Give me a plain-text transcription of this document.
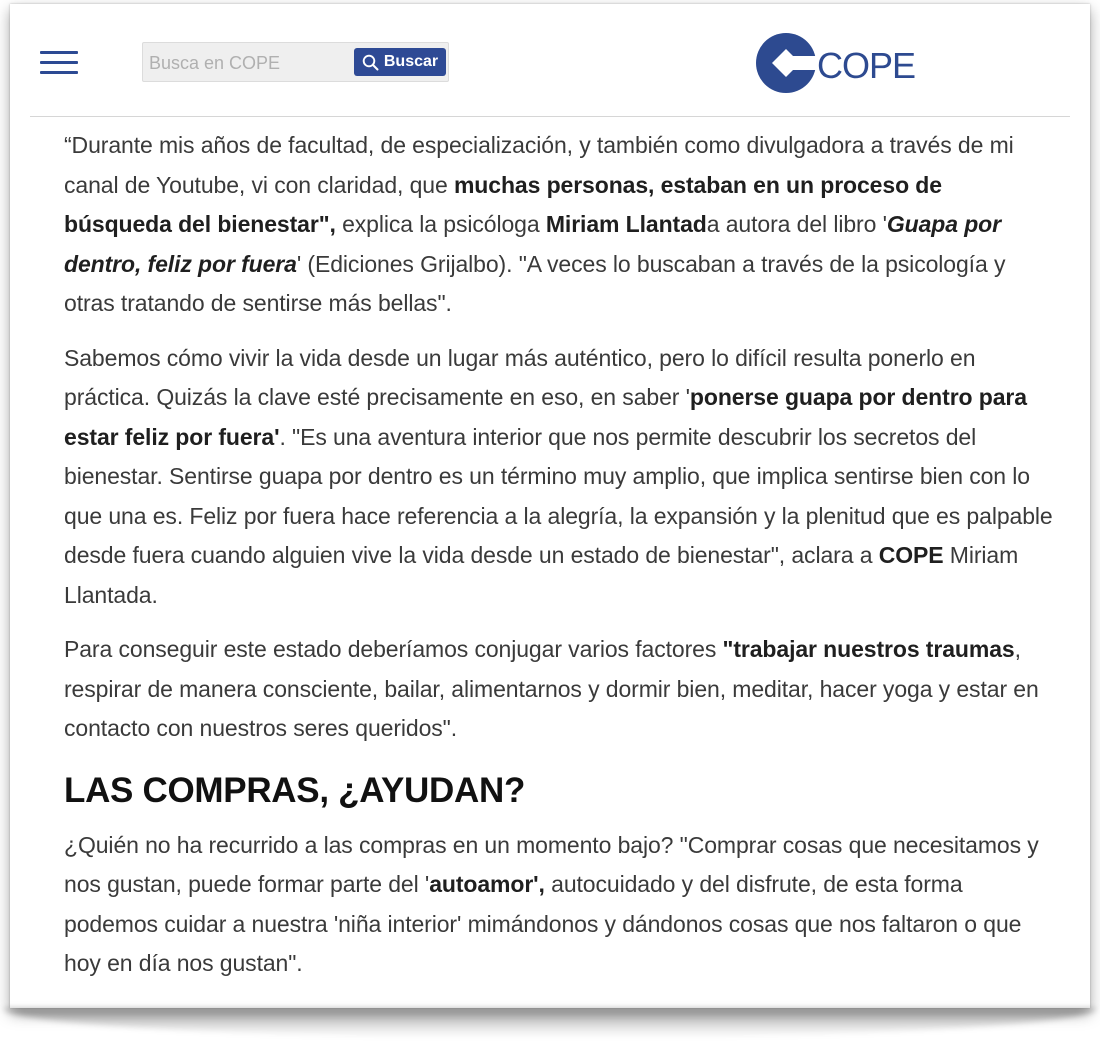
Busca en COPE
Buscar	COPE

“Durante mis años de facultad, de especialización, y también como divulgadora a través de mi canal de Youtube, vi con claridad, que muchas personas, estaban en un proceso de búsqueda del bienestar", explica la psicóloga Miriam Llantada autora del libro 'Guapa por dentro, feliz por fuera' (Ediciones Grijalbo). "A veces lo buscaban a través de la psicología y otras tratando de sentirse más bellas".

Sabemos cómo vivir la vida desde un lugar más auténtico, pero lo difícil resulta ponerlo en práctica. Quizás la clave esté precisamente en eso, en saber 'ponerse guapa por dentro para estar feliz por fuera'. "Es una aventura interior que nos permite descubrir los secretos del bienestar. Sentirse guapa por dentro es un término muy amplio, que implica sentirse bien con lo que una es. Feliz por fuera hace referencia a la alegría, la expansión y la plenitud que es palpable desde fuera cuando alguien vive la vida desde un estado de bienestar", aclara a COPE Miriam Llantada.

Para conseguir este estado deberíamos conjugar varios factores "trabajar nuestros traumas, respirar de manera consciente, bailar, alimentarnos y dormir bien, meditar, hacer yoga y estar en contacto con nuestros seres queridos".

LAS COMPRAS, ¿AYUDAN?

¿Quién no ha recurrido a las compras en un momento bajo? "Comprar cosas que necesitamos y nos gustan, puede formar parte del 'autoamor', autocuidado y del disfrute, de esta forma podemos cuidar a nuestra 'niña interior' mimándonos y dándonos cosas que nos faltaron o que hoy en día nos gustan".
